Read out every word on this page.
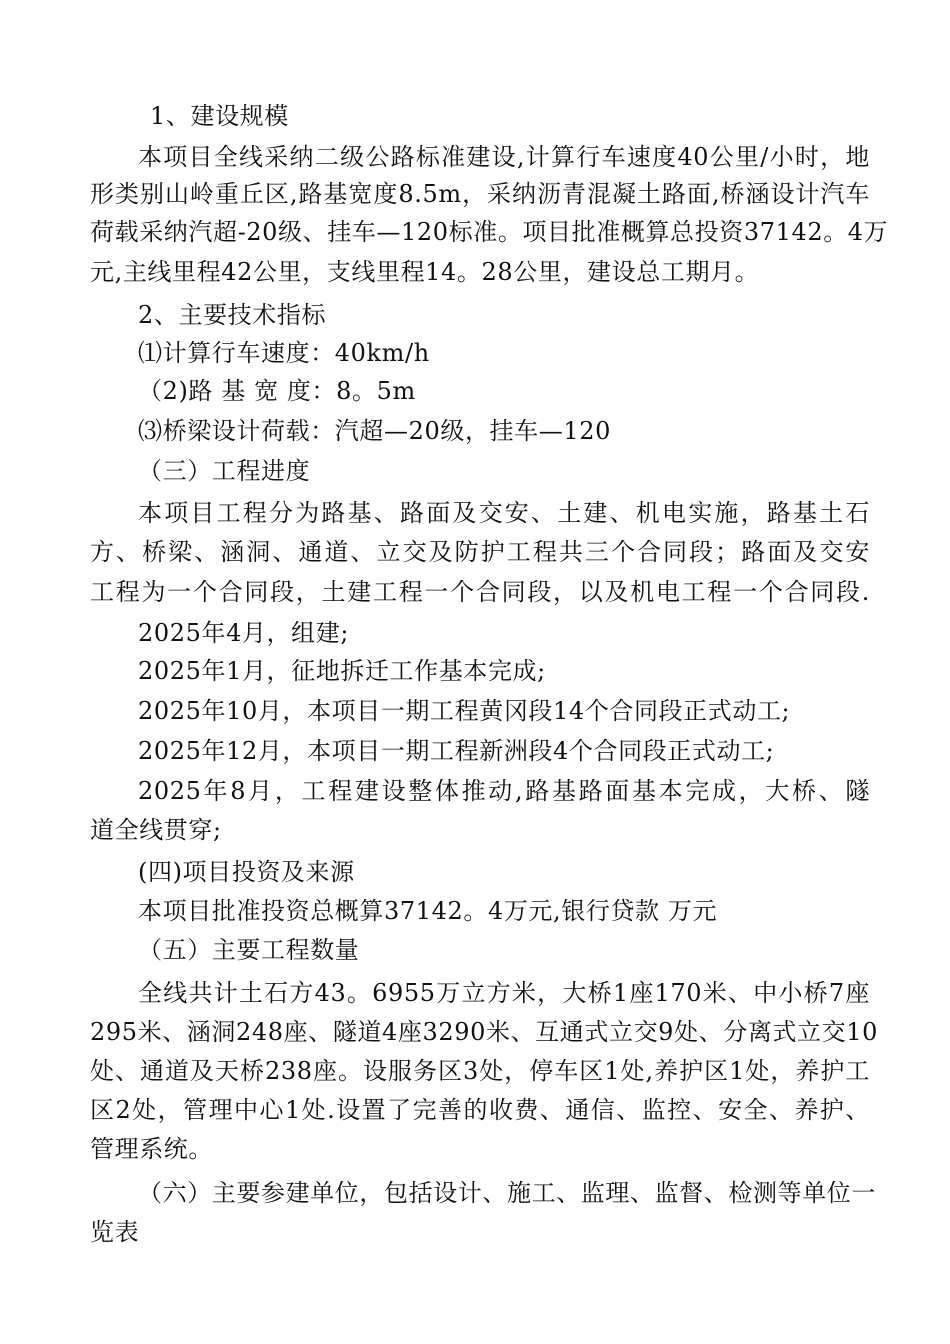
1、建设规模
本项目全线采纳二级公路标准建设,计算行车速度40公里/小时，地
形类别山岭重丘区,路基宽度8.5m，采纳沥青混凝土路面,桥涵设计汽车
荷载采纳汽超-20级、挂车—120标准。项目批准概算总投资37142。4万
元,主线里程42公里，支线里程14。28公里，建设总工期月。
2、主要技术指标
⑴计算行车速度：40km/h
（2)路 基 宽 度：8。5m
⑶桥梁设计荷载：汽超—20级，挂车—120
（三）工程进度
本项目工程分为路基、路面及交安、土建、机电实施，路基土石
方、桥梁、涵洞、通道、立交及防护工程共三个合同段；路面及交安
工程为一个合同段，土建工程一个合同段，以及机电工程一个合同段.
2025年4月，组建;
2025年1月，征地拆迁工作基本完成;
2025年10月，本项目一期工程黄冈段14个合同段正式动工;
2025年12月，本项目一期工程新洲段4个合同段正式动工;
2025年8月，工程建设整体推动,路基路面基本完成，大桥、隧
道全线贯穿;
(四)项目投资及来源
本项目批准投资总概算37142。4万元,银行贷款 万元
（五）主要工程数量
全线共计土石方43。6955万立方米，大桥1座170米、中小桥7座
295米、涵洞248座、隧道4座3290米、互通式立交9处、分离式立交10
处、通道及天桥238座。设服务区3处，停车区1处,养护区1处，养护工
区2处，管理中心1处.设置了完善的收费、通信、监控、安全、养护、
管理系统。
（六）主要参建单位，包括设计、施工、监理、监督、检测等单位一
览表
